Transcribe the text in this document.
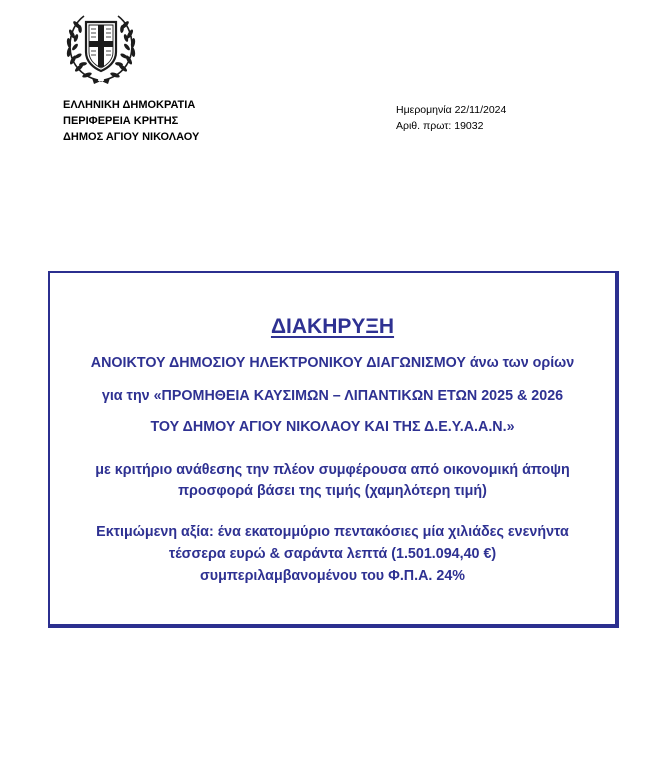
ΕΛΛΗΝΙΚΗ ΔΗΜΟΚΡΑΤΙΑ
ΠΕΡΙΦΕΡΕΙΑ ΚΡΗΤΗΣ
ΔΗΜΟΣ ΑΓΙΟΥ ΝΙΚΟΛΑΟΥ
Ημερομηνία 22/11/2024
Αριθ. πρωτ: 19032
ΔΙΑΚΗΡΥΞΗ
ΑΝΟΙΚΤΟΥ ΔΗΜΟΣΙΟΥ ΗΛΕΚΤΡΟΝΙΚΟΥ ΔΙΑΓΩΝΙΣΜΟΥ άνω των ορίων
για την «ΠΡΟΜΗΘΕΙΑ ΚΑΥΣΙΜΩΝ – ΛΙΠΑΝΤΙΚΩΝ ΕΤΩΝ 2025 & 2026
ΤΟΥ ΔΗΜΟΥ ΑΓΙΟΥ ΝΙΚΟΛΑΟΥ ΚΑΙ ΤΗΣ Δ.Ε.Υ.Α.Α.Ν.»
με κριτήριο ανάθεσης την πλέον συμφέρουσα από οικονομική άποψη
προσφορά βάσει της τιμής (χαμηλότερη τιμή)
Εκτιμώμενη αξία: ένα εκατομμύριο πεντακόσιες μία χιλιάδες ενενήντα
τέσσερα ευρώ & σαράντα λεπτά (1.501.094,40 €)
συμπεριλαμβανομένου του Φ.Π.Α. 24%
